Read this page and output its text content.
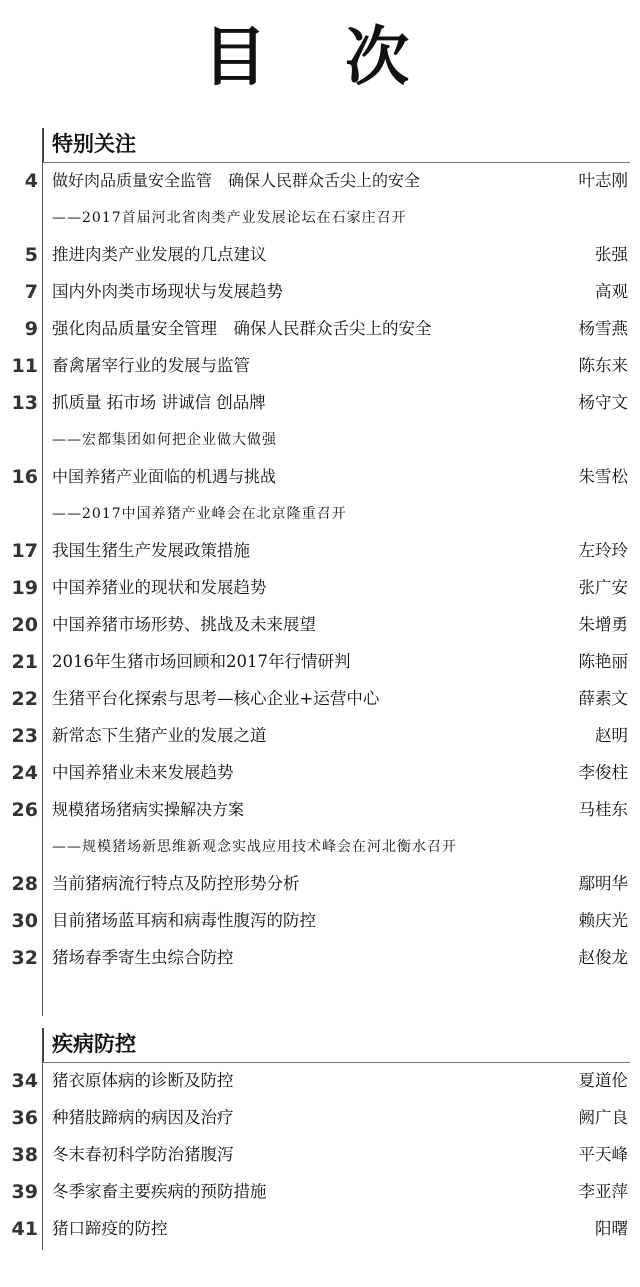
目 次
特别关注
4 做好肉品质量安全监管　确保人民群众舌尖上的安全	叶志刚
——2017首届河北省肉类产业发展论坛在石家庄召开
5 推进肉类产业发展的几点建议	张强
7 国内外肉类市场现状与发展趋势	高观
9 强化肉品质量安全管理　确保人民群众舌尖上的安全	杨雪燕
11 畜禽屠宰行业的发展与监管	陈东来
13 抓质量 拓市场 讲诚信 创品牌	杨守文
——宏都集团如何把企业做大做强
16 中国养猪产业面临的机遇与挑战	朱雪松
——2017中国养猪产业峰会在北京隆重召开
17 我国生猪生产发展政策措施	左玲玲
19 中国养猪业的现状和发展趋势	张广安
20 中国养猪市场形势、挑战及未来展望	朱增勇
21 2016年生猪市场回顾和2017年行情研判	陈艳丽
22 生猪平台化探索与思考—核心企业+运营中心	薛素文
23 新常态下生猪产业的发展之道	赵明
24 中国养猪业未来发展趋势	李俊柱
26 规模猪场猪病实操解决方案	马桂东
——规模猪场新思维新观念实战应用技术峰会在河北衡水召开
28 当前猪病流行特点及防控形势分析	鄢明华
30 目前猪场蓝耳病和病毒性腹泻的防控	赖庆光
32 猪场春季寄生虫综合防控	赵俊龙
疾病防控
34 猪衣原体病的诊断及防控	夏道伦
36 种猪肢蹄病的病因及治疗	阙广良
38 冬末春初科学防治猪腹泻	平天峰
39 冬季家畜主要疾病的预防措施	李亚萍
41 猪口蹄疫的防控	阳曙
